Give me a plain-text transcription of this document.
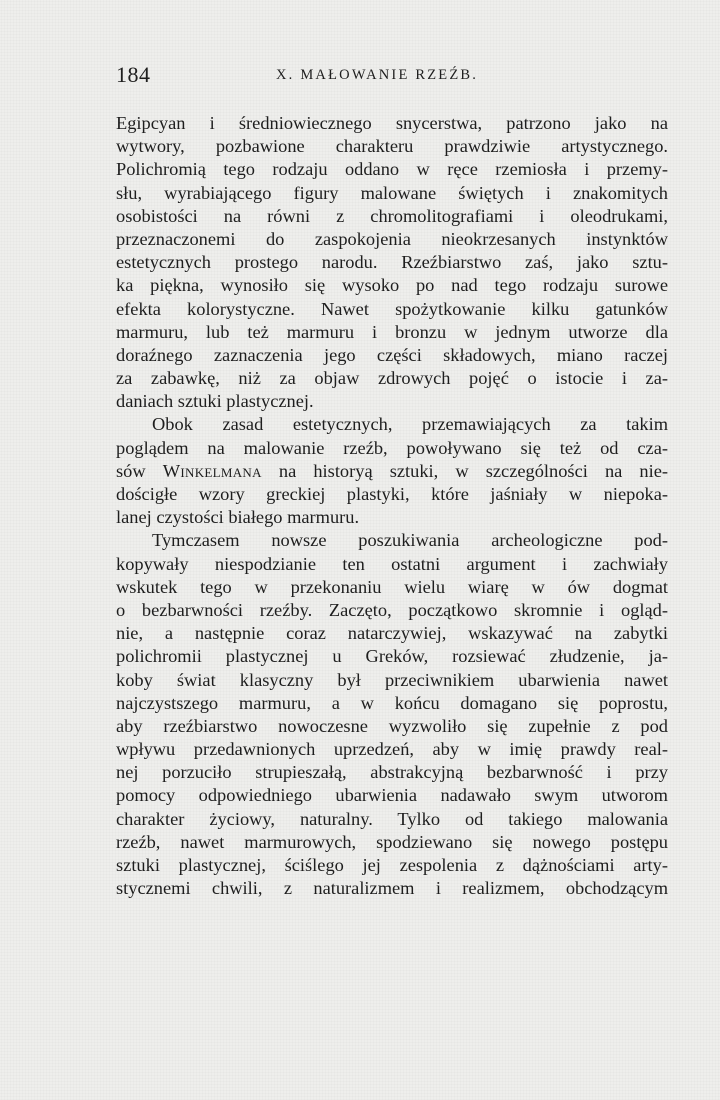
184	X. MAŁOWANIE RZEŹB.
Egipcyan i średniowiecznego snycerstwa, patrzono jako na
wytwory, pozbawione charakteru prawdziwie artystycznego.
Polichromią tego rodzaju oddano w ręce rzemiosła i przemy-
słu, wyrabiającego figury malowane świętych i znakomitych
osobistości na równi z chromolitografiami i oleodrukami,
przeznaczonemi do zaspokojenia nieokrzesanych instynktów
estetycznych prostego narodu. Rzeźbiarstwo zaś, jako sztu-
ka piękna, wynosiło się wysoko po nad tego rodzaju surowe
efekta kolorystyczne. Nawet spożytkowanie kilku gatunków
marmuru, lub też marmuru i bronzu w jednym utworze dla
doraźnego zaznaczenia jego części składowych, miano raczej
za zabawkę, niż za objaw zdrowych pojęć o istocie i za-
daniach sztuki plastycznej.
Obok zasad estetycznych, przemawiających za takim
poglądem na malowanie rzeźb, powoływano się też od cza-
sów Winkelmana na historyą sztuki, w szczególności na nie-
dościgłe wzory greckiej plastyki, które jaśniały w niepoka-
lanej czystości białego marmuru.
Tymczasem nowsze poszukiwania archeologiczne pod-
kopywały niespodzianie ten ostatni argument i zachwiały
wskutek tego w przekonaniu wielu wiarę w ów dogmat
o bezbarwności rzeźby. Zaczęto, początkowo skromnie i ogląd-
nie, a następnie coraz natarczywiej, wskazywać na zabytki
polichromii plastycznej u Greków, rozsiewać złudzenie, ja-
koby świat klasyczny był przeciwnikiem ubarwienia nawet
najczystszego marmuru, a w końcu domagano się poprostu,
aby rzeźbiarstwo nowoczesne wyzwoliło się zupełnie z pod
wpływu przedawnionych uprzedzeń, aby w imię prawdy real-
nej porzuciło strupieszałą, abstrakcyjną bezbarwność i przy
pomocy odpowiedniego ubarwienia nadawało swym utworom
charakter życiowy, naturalny. Tylko od takiego malowania
rzeźb, nawet marmurowych, spodziewano się nowego postępu
sztuki plastycznej, ściślego jej zespolenia z dążnościami arty-
stycznemi chwili, z naturalizmem i realizmem, obchodzącym
